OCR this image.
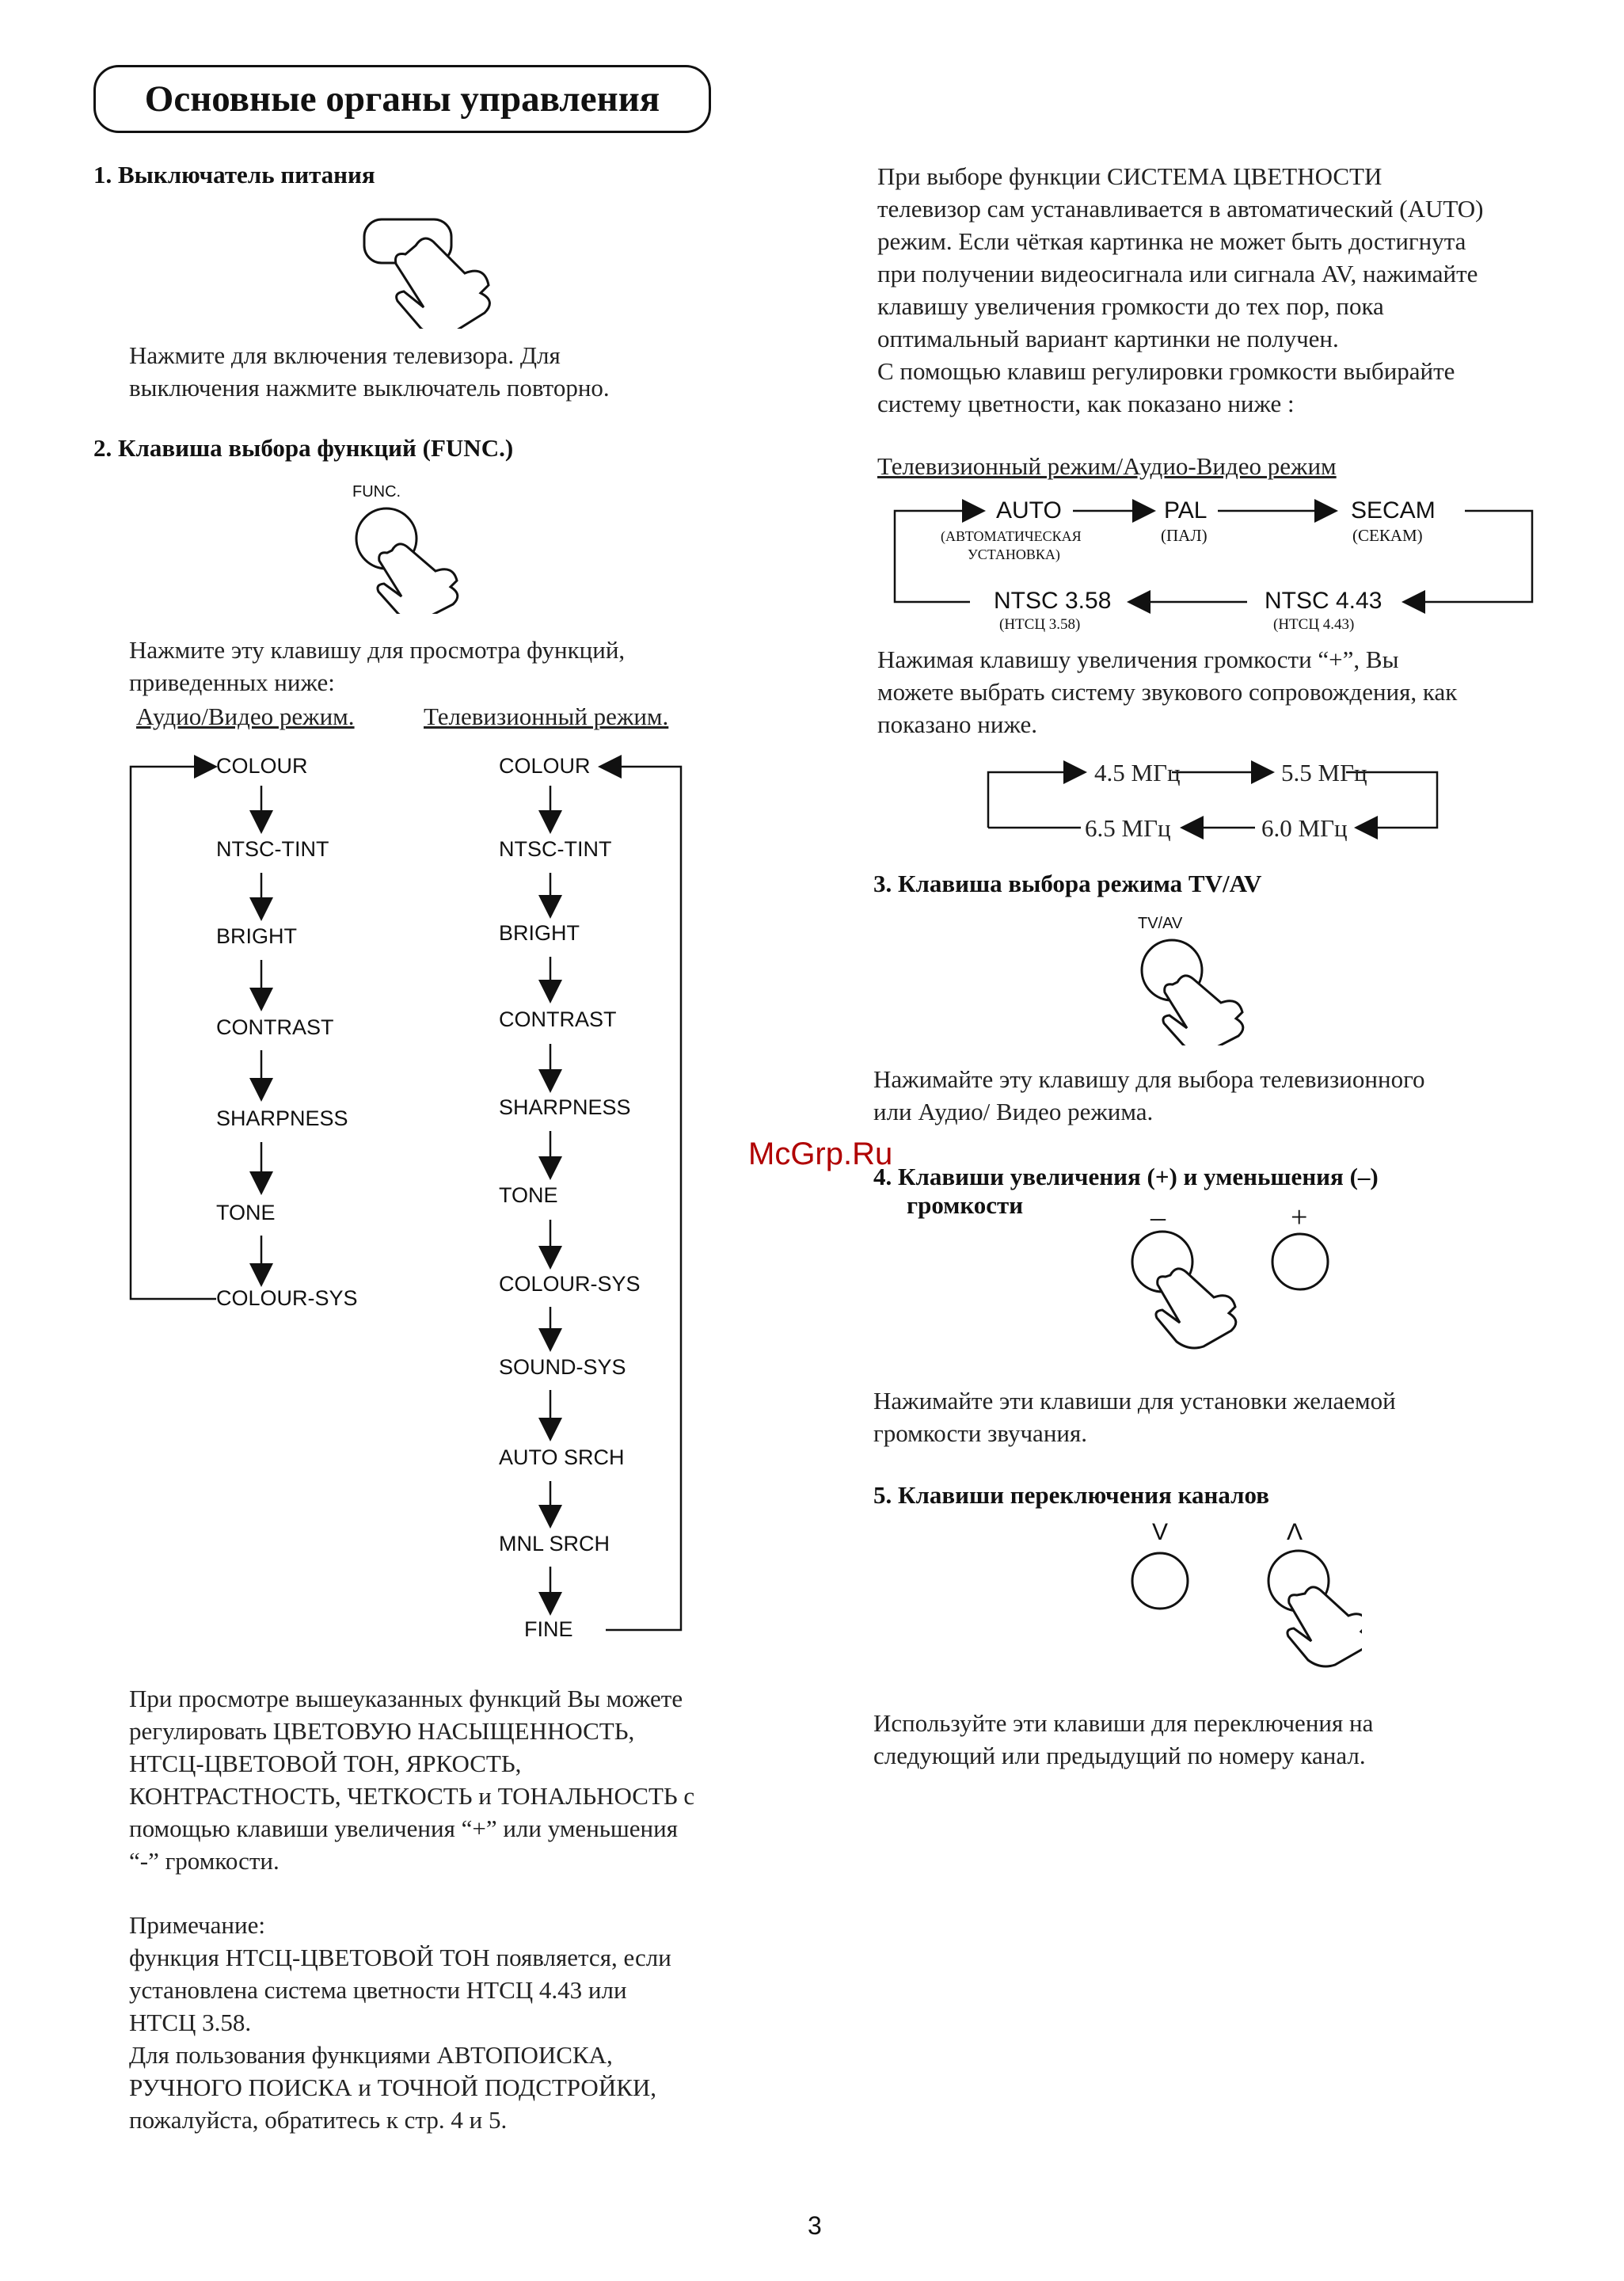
Основные органы управления
1. Выключатель питания
Нажмите для включения телевизора. Для
выключения нажмите выключатель повторно.
2. Клавиша выбора функций (FUNC.)
FUNC.
Нажмите эту клавишу для просмотра функций,
приведенных ниже:
Аудио/Видео режим.	Телевизионный режим.
COLOUR
NTSC-TINT
BRIGHT
CONTRAST
SHARPNESS
TONE
COLOUR-SYS
COLOUR
NTSC-TINT
BRIGHT
CONTRAST
SHARPNESS
TONE
COLOUR-SYS
SOUND-SYS
AUTO SRCH
MNL SRCH
FINE
При просмотре вышеуказанных функций Вы можете
регулировать ЦВЕТОВУЮ НАСЫЩЕННОСТЬ,
НТСЦ-ЦВЕТОВОЙ ТОН, ЯРКОСТЬ,
КОНТРАСТНОСТЬ, ЧЕТКОСТЬ и ТОНАЛЬНОСТЬ с
помощью клавиши увеличения “+” или уменьшения
“-” громкости.
Примечание:
функция НТСЦ-ЦВЕТОВОЙ ТОН появляется, если
установлена система цветности НТСЦ 4.43 или
НТСЦ 3.58.
Для пользования функциями АВТОПОИСКА,
РУЧНОГО ПОИСКА и ТОЧНОЙ ПОДСТРОЙКИ,
пожалуйста, обратитесь к стр. 4 и 5.
При выборе функции СИСТЕМА ЦВЕТНОСТИ
телевизор сам устанавливается в автоматический (AUTO)
режим. Если чёткая картинка не может быть достигнута
при получении видеосигнала или сигнала AV, нажимайте
клавишу увеличения громкости до тех пор, пока
оптимальный вариант картинки не получен.
С помощью клавиш регулировки громкости выбирайте
систему цветности, как показано ниже :
Телевизионный режим/Аудио-Видео режим
AUTO
(АВТОМАТИЧЕСКАЯ
УСТАНОВКА)
PAL
(ПАЛ)
SECAM
(СЕКАМ)
NTSC 3.58
(НТСЦ 3.58)
NTSC 4.43
(НТСЦ 4.43)
Нажимая клавишу увеличения громкости “+”, Вы
можете выбрать систему звукового сопровождения, как
показано ниже.
4.5 МГц	5.5 МГц
6.0 МГц
6.5 МГц
3. Клавиша выбора режима TV/AV
TV/AV
Нажимайте эту клавишу для выбора телевизионного
или Аудио/ Видео режима.
McGrp.Ru
4. Клавиши увеличения (+) и уменьшения (–)
громкости	–	+
Нажимайте эти клавиши для установки желаемой
громкости звучания.
5. Клавиши переключения каналов
V	Λ
Используйте эти клавиши для переключения на
следующий или предыдущий по номеру канал.
3
